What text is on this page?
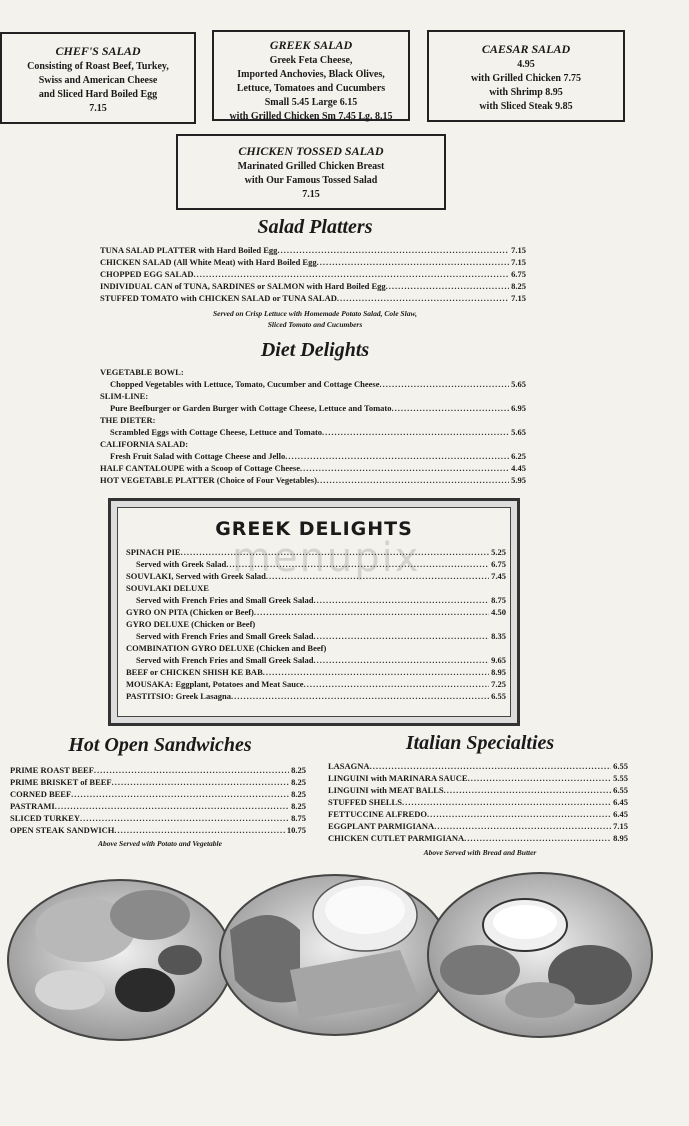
CHEF'S SALAD
Consisting of Roast Beef, Turkey,
Swiss and American Cheese
and Sliced Hard Boiled Egg
7.15
GREEK SALAD
Greek Feta Cheese,
Imported Anchovies, Black Olives,
Lettuce, Tomatoes and Cucumbers
Small 5.45 Large 6.15
with Grilled Chicken Sm 7.45 Lg. 8.15
CAESAR SALAD
4.95
with Grilled Chicken 7.75
with Shrimp 8.95
with Sliced Steak 9.85
CHICKEN TOSSED SALAD
Marinated Grilled Chicken Breast
with Our Famous Tossed Salad
7.15
Salad Platters
TUNA SALAD PLATTER with Hard Boiled Egg .....	7.15
CHICKEN SALAD (All White Meat) with Hard Boiled Egg .....	7.15
CHOPPED EGG SALAD .....	6.75
INDIVIDUAL CAN of TUNA, SARDINES or SALMON with Hard Boiled Egg .....	8.25
STUFFED TOMATO with CHICKEN SALAD or TUNA SALAD .....	7.15
Served on Crisp Lettuce with Homemade Potato Salad, Cole Slaw,
Sliced Tomato and Cucumbers
Diet Delights
VEGETABLE BOWL:
Chopped Vegetables with Lettuce, Tomato, Cucumber and Cottage Cheese .....	5.65
SLIM-LINE:
Pure Beefburger or Garden Burger with Cottage Cheese, Lettuce and Tomato .....	6.95
THE DIETER:
Scrambled Eggs with Cottage Cheese, Lettuce and Tomato .....	5.65
CALIFORNIA SALAD:
Fresh Fruit Salad with Cottage Cheese and Jello .....	6.25
HALF CANTALOUPE with a Scoop of Cottage Cheese .....	4.45
HOT VEGETABLE PLATTER (Choice of Four Vegetables) .....	5.95
GREEK DELIGHTS
SPINACH PIE .....	5.25
Served with Greek Salad .....	6.75
SOUVLAKI, Served with Greek Salad .....	7.45
SOUVLAKI DELUXE
Served with French Fries and Small Greek Salad .....	8.75
GYRO ON PITA (Chicken or Beef) .....	4.50
GYRO DELUXE (Chicken or Beef)
Served with French Fries and Small Greek Salad .....	8.35
COMBINATION GYRO DELUXE (Chicken and Beef)
Served with French Fries and Small Greek Salad .....	9.65
BEEF or CHICKEN SHISH KE BAB .....	8.95
MOUSAKA: Eggplant, Potatoes and Meat Sauce .....	7.25
PASTITSIO: Greek Lasagna .....	6.55
menupix
Hot Open Sandwiches
PRIME ROAST BEEF .....	8.25
PRIME BRISKET of BEEF .....	8.25
CORNED BEEF .....	8.25
PASTRAMI .....	8.25
SLICED TURKEY .....	8.75
OPEN STEAK SANDWICH .....	10.75
Above Served with Potato and Vegetable
Italian Specialties
LASAGNA .....	6.55
LINGUINI with MARINARA SAUCE .....	5.55
LINGUINI with MEAT BALLS .....	6.55
STUFFED SHELLS .....	6.45
FETTUCCINE ALFREDO .....	6.45
EGGPLANT PARMIGIANA .....	7.15
CHICKEN CUTLET PARMIGIANA .....	8.95
Above Served with Bread and Butter
